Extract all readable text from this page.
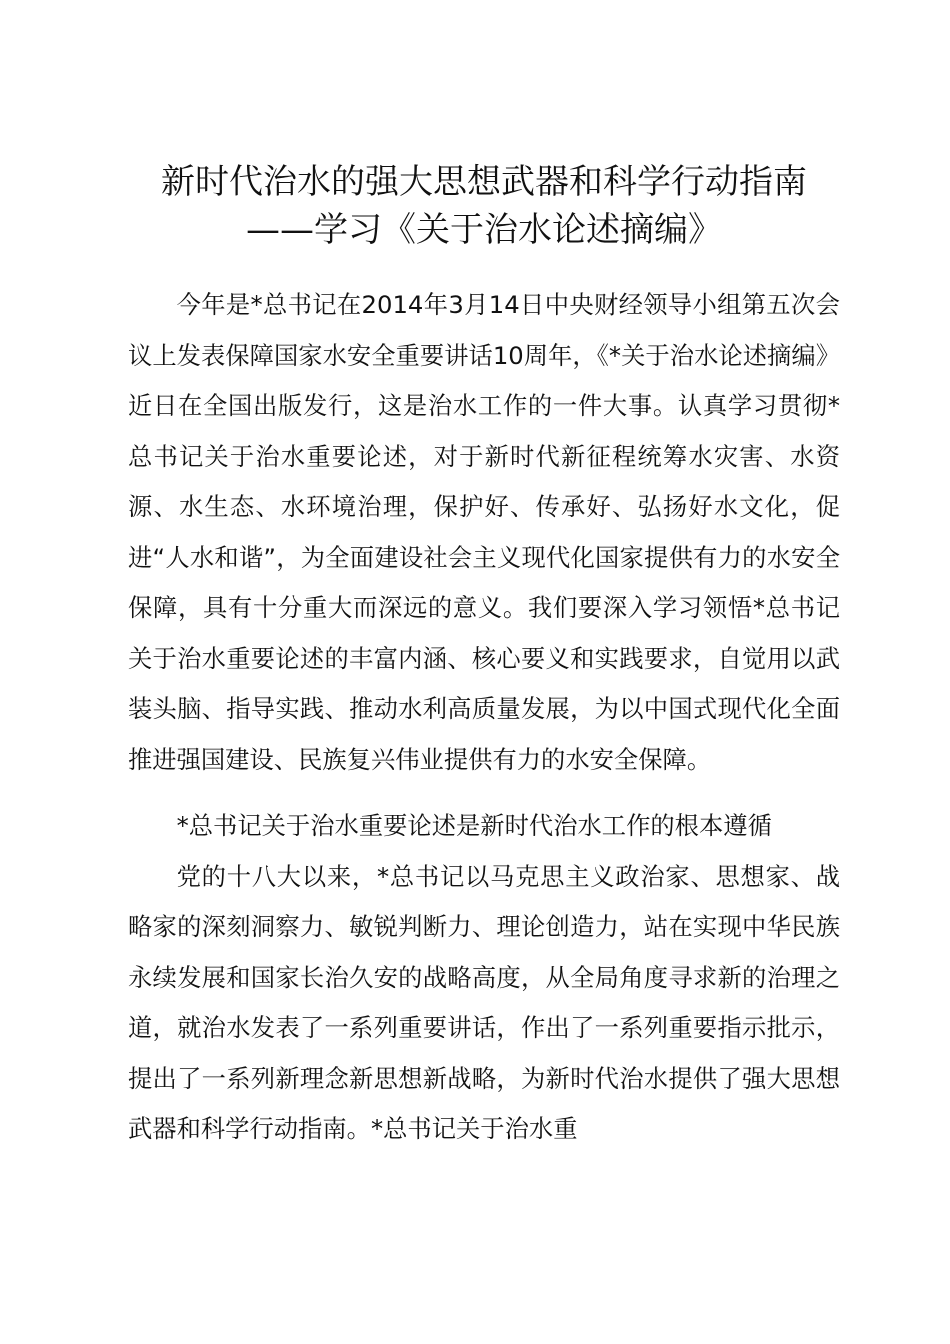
新时代治水的强大思想武器和科学行动指南——学习《关于治水论述摘编》

今年是*总书记在2014年3月14日中央财经领导小组第五次会议上发表保障国家水安全重要讲话10周年，《*关于治水论述摘编》近日在全国出版发行，这是治水工作的一件大事。认真学习贯彻*总书记关于治水重要论述，对于新时代新征程统筹水灾害、水资源、水生态、水环境治理，保护好、传承好、弘扬好水文化，促进“人水和谐”，为全面建设社会主义现代化国家提供有力的水安全保障，具有十分重大而深远的意义。我们要深入学习领悟*总书记关于治水重要论述的丰富内涵、核心要义和实践要求，自觉用以武装头脑、指导实践、推动水利高质量发展，为以中国式现代化全面推进强国建设、民族复兴伟业提供有力的水安全保障。

*总书记关于治水重要论述是新时代治水工作的根本遵循

党的十八大以来，*总书记以马克思主义政治家、思想家、战略家的深刻洞察力、敏锐判断力、理论创造力，站在实现中华民族永续发展和国家长治久安的战略高度，从全局角度寻求新的治理之道，就治水发表了一系列重要讲话，作出了一系列重要指示批示，提出了一系列新理念新思想新战略，为新时代治水提供了强大思想武器和科学行动指南。*总书记关于治水重
